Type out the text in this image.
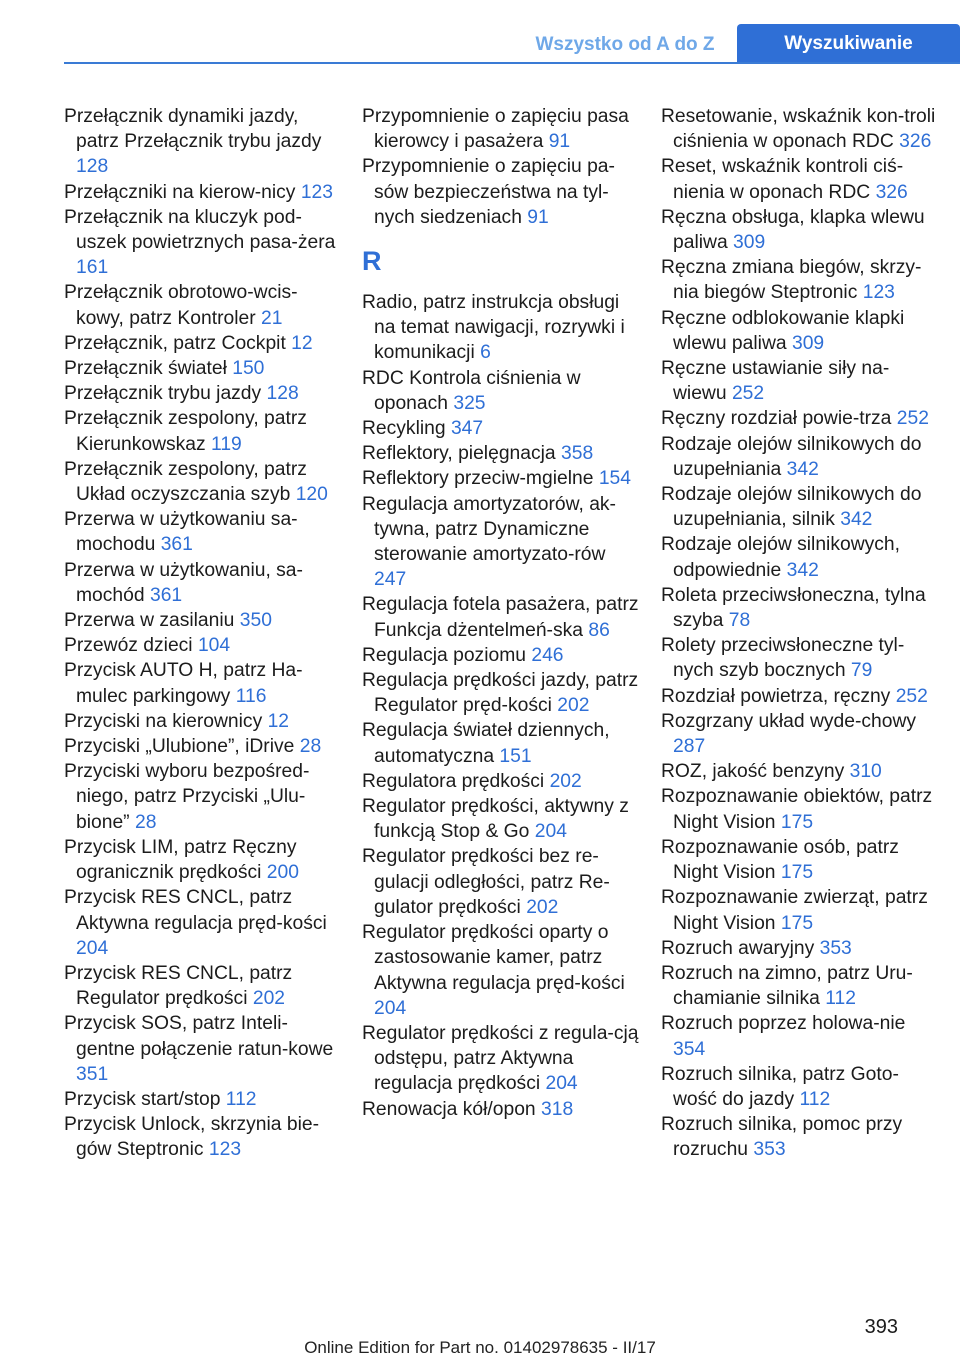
Wszystko od A do Z	Wyszukiwanie
Przełącznik dynamiki jazdy, patrz Przełącznik trybu jazdy 128
Przełączniki na kierow‐nicy 123
Przełącznik na kluczyk pod‐uszek powietrznych pasa‐żera 161
Przełącznik obrotowo-wcis‐kowy, patrz Kontroler 21
Przełącznik, patrz Cockpit 12
Przełącznik świateł 150
Przełącznik trybu jazdy 128
Przełącznik zespolony, patrz Kierunkowskaz 119
Przełącznik zespolony, patrz Układ oczyszczania szyb 120
Przerwa w użytkowaniu sa‐mochodu 361
Przerwa w użytkowaniu, sa‐mochód 361
Przerwa w zasilaniu 350
Przewóz dzieci 104
Przycisk AUTO H, patrz Ha‐mulec parkingowy 116
Przyciski na kierownicy 12
Przyciski „Ulubione”, iDrive 28
Przyciski wyboru bezpośred‐niego, patrz Przyciski „Ulu‐bione” 28
Przycisk LIM, patrz Ręczny ogranicznik prędkości 200
Przycisk RES CNCL, patrz Aktywna regulacja pręd‐kości 204
Przycisk RES CNCL, patrz Regulator prędkości 202
Przycisk SOS, patrz Inteli‐gentne połączenie ratun‐kowe 351
Przycisk start/stop 112
Przycisk Unlock, skrzynia bie‐gów Steptronic 123
Przypomnienie o zapięciu pasa kierowcy i pasażera 91
Przypomnienie o zapięciu pa‐sów bezpieczeństwa na tyl‐nych siedzeniach 91
R
Radio, patrz instrukcja obsługi na temat nawigacji, rozrywki i komunikacji 6
RDC Kontrola ciśnienia w oponach 325
Recykling 347
Reflektory, pielęgnacja 358
Reflektory przeciw‐mgielne 154
Regulacja amortyzatorów, ak‐tywna, patrz Dynamiczne sterowanie amortyzato‐rów 247
Regulacja fotela pasażera, patrz Funkcja dżentelmeń‐ska 86
Regulacja poziomu 246
Regulacja prędkości jazdy, patrz Regulator pręd‐kości 202
Regulacja świateł dziennych, automatyczna 151
Regulatora prędkości 202
Regulator prędkości, aktywny z funkcją Stop & Go 204
Regulator prędkości bez re‐gulacji odległości, patrz Re‐gulator prędkości 202
Regulator prędkości oparty o zastosowanie kamer, patrz Aktywna regulacja pręd‐kości 204
Regulator prędkości z regula‐cją odstępu, patrz Aktywna regulacja prędkości 204
Renowacja kół/opon 318
Resetowanie, wskaźnik kon‐troli ciśnienia w oponach RDC 326
Reset, wskaźnik kontroli ciś‐nienia w oponach RDC 326
Ręczna obsługa, klapka wlewu paliwa 309
Ręczna zmiana biegów, skrzy‐nia biegów Steptronic 123
Ręczne odblokowanie klapki wlewu paliwa 309
Ręczne ustawianie siły na‐wiewu 252
Ręczny rozdział powie‐trza 252
Rodzaje olejów silnikowych do uzupełniania 342
Rodzaje olejów silnikowych do uzupełniania, silnik 342
Rodzaje olejów silnikowych, odpowiednie 342
Roleta przeciwsłoneczna, tylna szyba 78
Rolety przeciwsłoneczne tyl‐nych szyb bocznych 79
Rozdział powietrza, ręczny 252
Rozgrzany układ wyde‐chowy 287
ROZ, jakość benzyny 310
Rozpoznawanie obiektów, patrz Night Vision 175
Rozpoznawanie osób, patrz Night Vision 175
Rozpoznawanie zwierząt, patrz Night Vision 175
Rozruch awaryjny 353
Rozruch na zimno, patrz Uru‐chamianie silnika 112
Rozruch poprzez holowa‐nie 354
Rozruch silnika, patrz Goto‐wość do jazdy 112
Rozruch silnika, pomoc przy rozruchu 353
393
Online Edition for Part no. 01402978635 - II/17
